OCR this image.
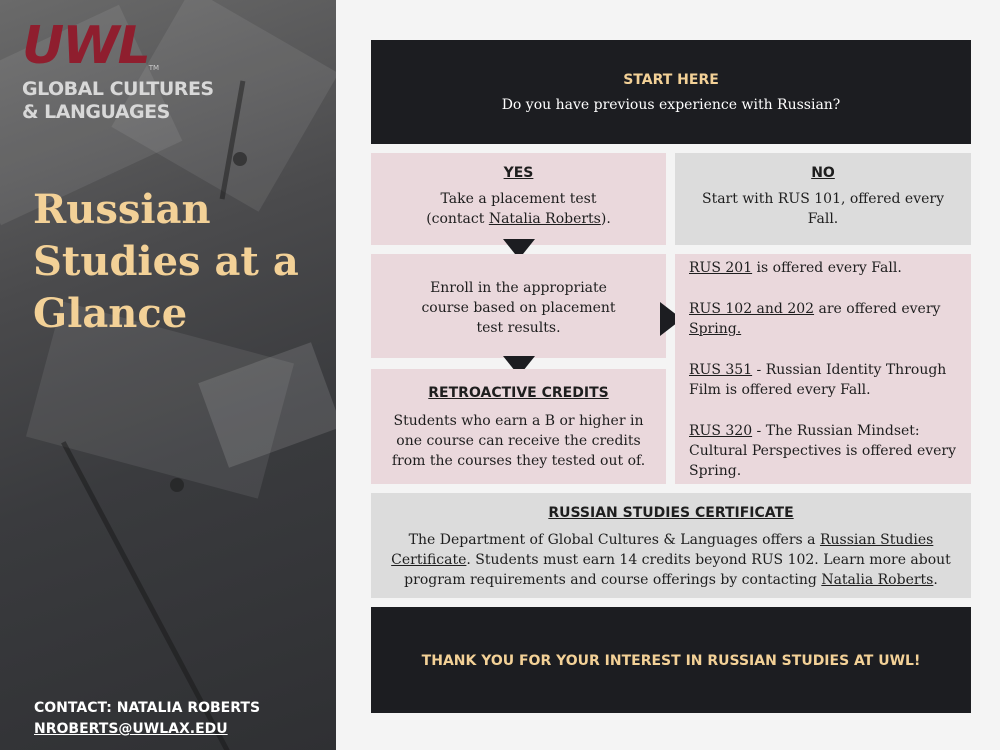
UWLTM
GLOBAL CULTURES
& LANGUAGES
Russian Studies at a Glance
CONTACT: NATALIA ROBERTS
NROBERTS@UWLAX.EDU
START HERE
Do you have previous experience with Russian?
YES
Take a placement test (contact Natalia Roberts).
NO
Start with RUS 101, offered every Fall.
Enroll in the appropriate course based on placement test results.

RUS 201 is offered every Fall.

RUS 102 and 202 are offered every Spring.

RUS 351 - Russian Identity Through Film is offered every Fall.

RUS 320 - The Russian Mindset: Cultural Perspectives is offered every Spring.

RETROACTIVE CREDITS
Students who earn a B or higher in one course can receive the credits from the courses they tested out of.
RUSSIAN STUDIES CERTIFICATE
The Department of Global Cultures & Languages offers a Russian Studies Certificate. Students must earn 14 credits beyond RUS 102. Learn more about program requirements and course offerings by contacting Natalia Roberts.
THANK YOU FOR YOUR INTEREST IN RUSSIAN STUDIES AT UWL!
